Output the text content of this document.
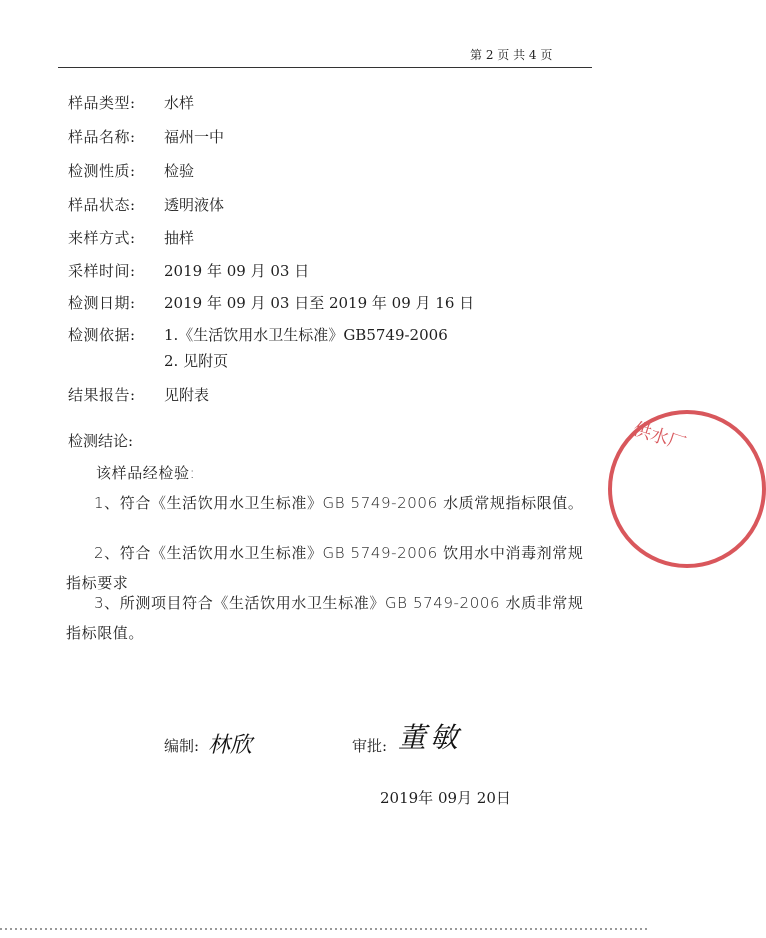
第 2 页 共 4 页
样品类型: 水样
样品名称: 福州一中
检测性质: 检验
样品状态: 透明液体
来样方式: 抽样
采样时间: 2019 年 09 月 03 日
检测日期: 2019 年 09 月 03 日至 2019 年 09 月 16 日
检测依据: 1.《生活饮用水卫生标准》GB5749-2006
2. 见附页
结果报告: 见附表
检测结论:
该样品经检验:
1、符合《生活饮用水卫生标准》GB 5749-2006 水质常规指标限值。
2、符合《生活饮用水卫生标准》GB 5749-2006 饮用水中消毒剂常规指标要求
3、所测项目符合《生活饮用水卫生标准》GB 5749-2006 水质非常规指标限值。
编制: 林欣	审批: 董敏
2019年 09月 20日
供水厂
